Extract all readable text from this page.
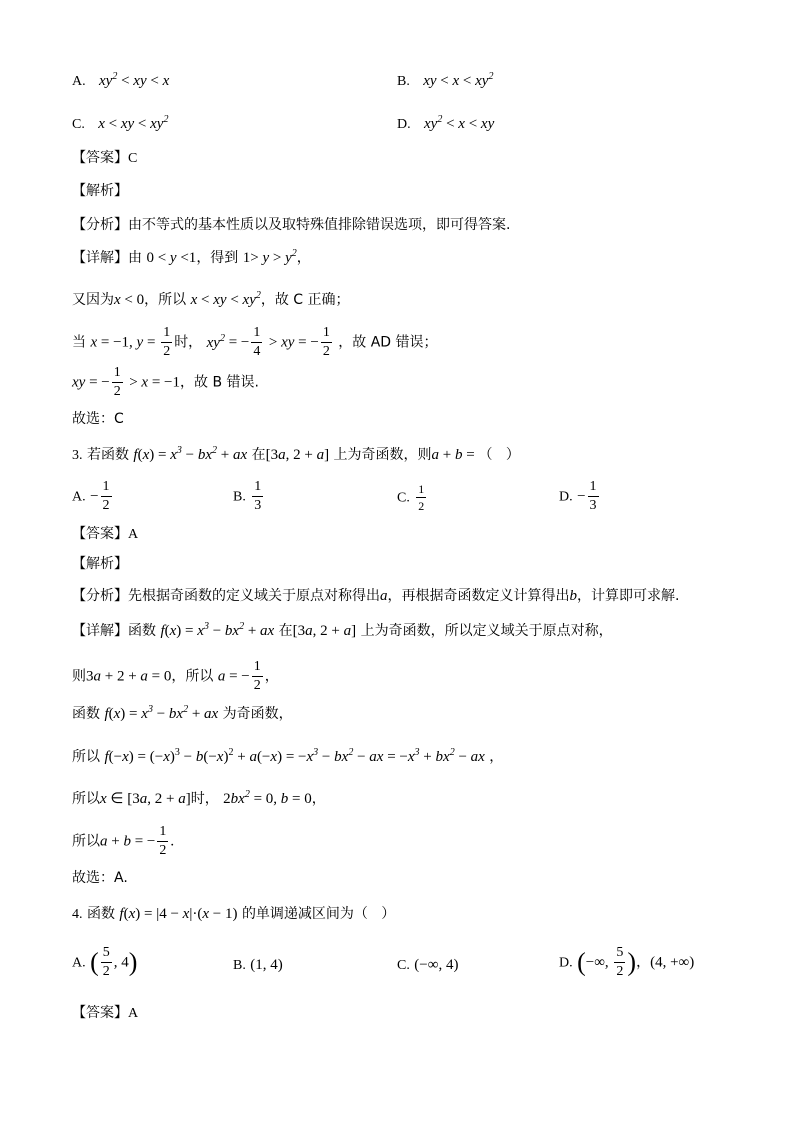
A. $xy^2$ < xy < x	B. xy < $x < xy^2$
C. x < xy < $xy^2$	D. $xy^2 < x$ < xy
【答案】C
【解析】
【分析】由不等式的基本性质以及取特殊值排除错误选项，即可得答案.
【详解】由 0 < y <1，得到 $1> y > y^2$，
又因为x < 0，所以 x < xy < $xy^2$，故 C 正确；
当 x = −1, $y = \frac{1}{2}$ 时， $xy^2$ = − $\frac{1}{4}$ > xy = − $\frac{1}{2}$ ，故 AD 错误；
xy = − $\frac{1}{2} > x = -1$，故 B 错误.
故选：C
3. 若函数 $f(x) = x^3 - bx^2$ + ax 在[3a, 2 + a] 上为奇函数，则a + b = （   ）
A. − $\frac{1}{2}$	B. $\frac{1}{3}$	C. $\frac{1}{2}$	D. − $\frac{1}{3}$
【答案】A
【解析】
【分析】先根据奇函数的定义域关于原点对称得出a，再根据奇函数定义计算得出b，计算即可求解.
【详解】函数 $f(x) = x^3 - bx^2$ + ax 在[3a, 2 + a] 上为奇函数，所以定义域关于原点对称，
则3a + 2 + a = 0，所以 a = − $\frac{1}{2}$ ，
函数 $f(x) = x^3 - bx^2$ + ax 为奇函数，
所以 $f(-x) = (-x)^3 - b(-x)^2 + a(-x) = -x^3 - bx^2$ − ax = $-x^3 + bx^2$ − ax ，
所以x ∈ [3a, 2 + a]时， $2bx^2 = 0$, b = 0，
所以a + b = − $\frac{1}{2}$ .
故选：A.
4. 函数 f(x) = |4 − x|·(x − 1) 的单调递减区间为（   ）
A. ( $\frac{5}{2}$ , 4)	B. (1, 4)	C. (−∞, 4)	D. (−∞, $\frac{5}{2}$ )，(4, +∞)
【答案】A
